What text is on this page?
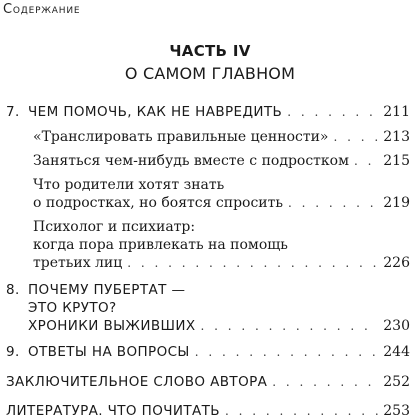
Содержание
ЧАСТЬ IV
О САМОМ ГЛАВНОМ
7. ЧЕМ ПОМОЧЬ, КАК НЕ НАВРЕДИТЬ . . .	211
«Транслировать правильные ценности» . . .	213
Заняться чем-нибудь вместе с подростком . . . 215
Что родители хотят знать
о подростках, но боятся спросить . . .	219
Психолог и психиатр:
когда пора привлекать на помощь
третьих лиц . . .	226
8. ПОЧЕМУ ПУБЕРТАТ —
ЭТО КРУТО?
ХРОНИКИ ВЫЖИВШИХ . . .	230
9. ОТВЕТЫ НА ВОПРОСЫ . . .	244
ЗАКЛЮЧИТЕЛЬНОЕ СЛОВО АВТОРА . . .	252
ЛИТЕРАТУРА. ЧТО ПОЧИТАТЬ . . .	253
